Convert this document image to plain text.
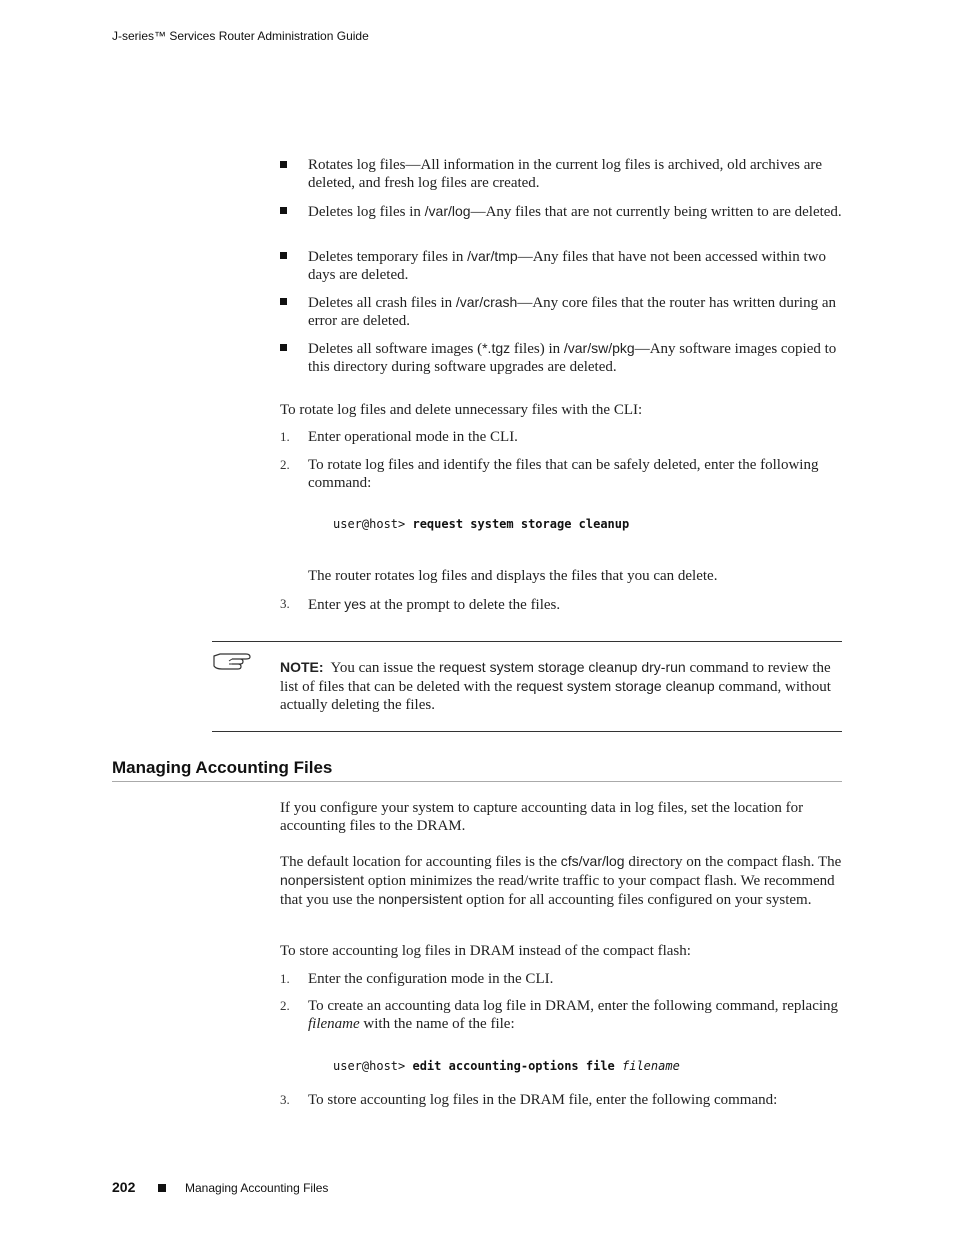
J-series™ Services Router Administration Guide
Rotates log files—All information in the current log files is archived, old archives are deleted, and fresh log files are created.
Deletes log files in /var/log—Any files that are not currently being written to are deleted.
Deletes temporary files in /var/tmp—Any files that have not been accessed within two days are deleted.
Deletes all crash files in /var/crash—Any core files that the router has written during an error are deleted.
Deletes all software images (*.tgz files) in /var/sw/pkg—Any software images copied to this directory during software upgrades are deleted.
To rotate log files and delete unnecessary files with the CLI:
1. Enter operational mode in the CLI.
2. To rotate log files and identify the files that can be safely deleted, enter the following command:
user@host> request system storage cleanup
The router rotates log files and displays the files that you can delete.
3. Enter yes at the prompt to delete the files.
NOTE: You can issue the request system storage cleanup dry-run command to review the list of files that can be deleted with the request system storage cleanup command, without actually deleting the files.
Managing Accounting Files
If you configure your system to capture accounting data in log files, set the location for accounting files to the DRAM.
The default location for accounting files is the cfs/var/log directory on the compact flash. The nonpersistent option minimizes the read/write traffic to your compact flash. We recommend that you use the nonpersistent option for all accounting files configured on your system.
To store accounting log files in DRAM instead of the compact flash:
1. Enter the configuration mode in the CLI.
2. To create an accounting data log file in DRAM, enter the following command, replacing filename with the name of the file:
user@host> edit accounting-options file filename
3. To store accounting log files in the DRAM file, enter the following command:
202	Managing Accounting Files
